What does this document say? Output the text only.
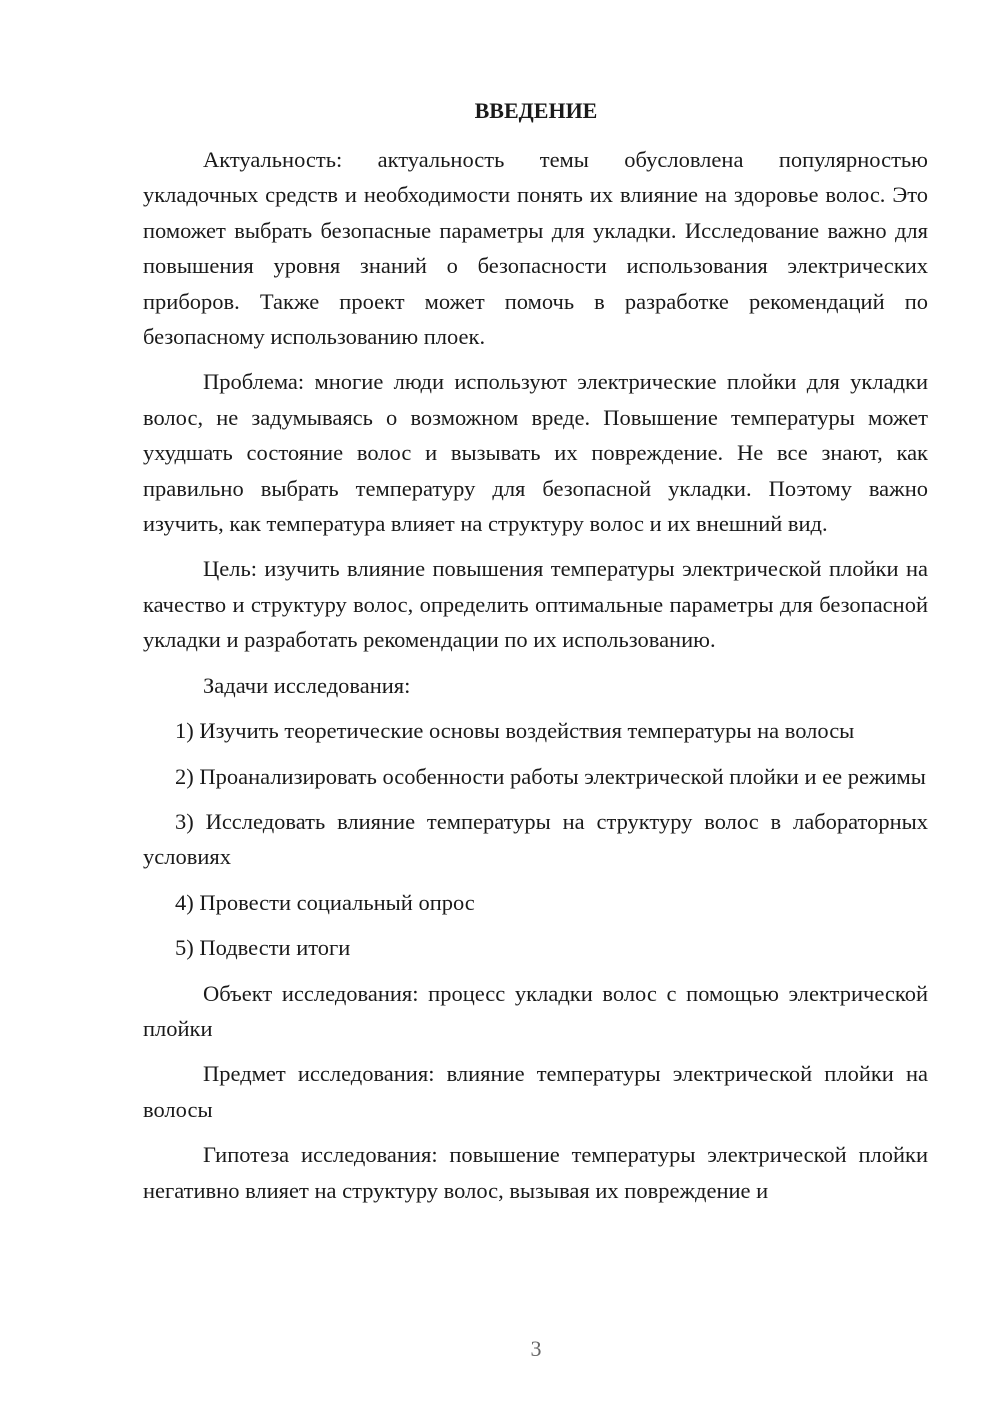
ВВЕДЕНИЕ

Актуальность: актуальность темы обусловлена популярностью укладочных средств и необходимости понять их влияние на здоровье волос. Это поможет выбрать безопасные параметры для укладки. Исследование важно для повышения уровня знаний о безопасности использования электрических приборов. Также проект может помочь в разработке рекомендаций по безопасному использованию плоек.

Проблема: многие люди используют электрические плойки для укладки волос, не задумываясь о возможном вреде. Повышение температуры может ухудшать состояние волос и вызывать их повреждение. Не все знают, как правильно выбрать температуру для безопасной укладки. Поэтому важно изучить, как температура влияет на структуру волос и их внешний вид.

Цель: изучить влияние повышения температуры электрической плойки на качество и структуру волос, определить оптимальные параметры для безопасной укладки и разработать рекомендации по их использованию.

Задачи исследования:

1) Изучить теоретические основы воздействия температуры на волосы

2) Проанализировать особенности работы электрической плойки и ее режимы

3) Исследовать влияние температуры на структуру волос в лабораторных условиях

4) Провести социальный опрос

5) Подвести итоги

Объект исследования: процесс укладки волос с помощью электрической плойки

Предмет исследования: влияние температуры электрической плойки на волосы

Гипотеза исследования: повышение температуры электрической плойки негативно влияет на структуру волос, вызывая их повреждение и

3
